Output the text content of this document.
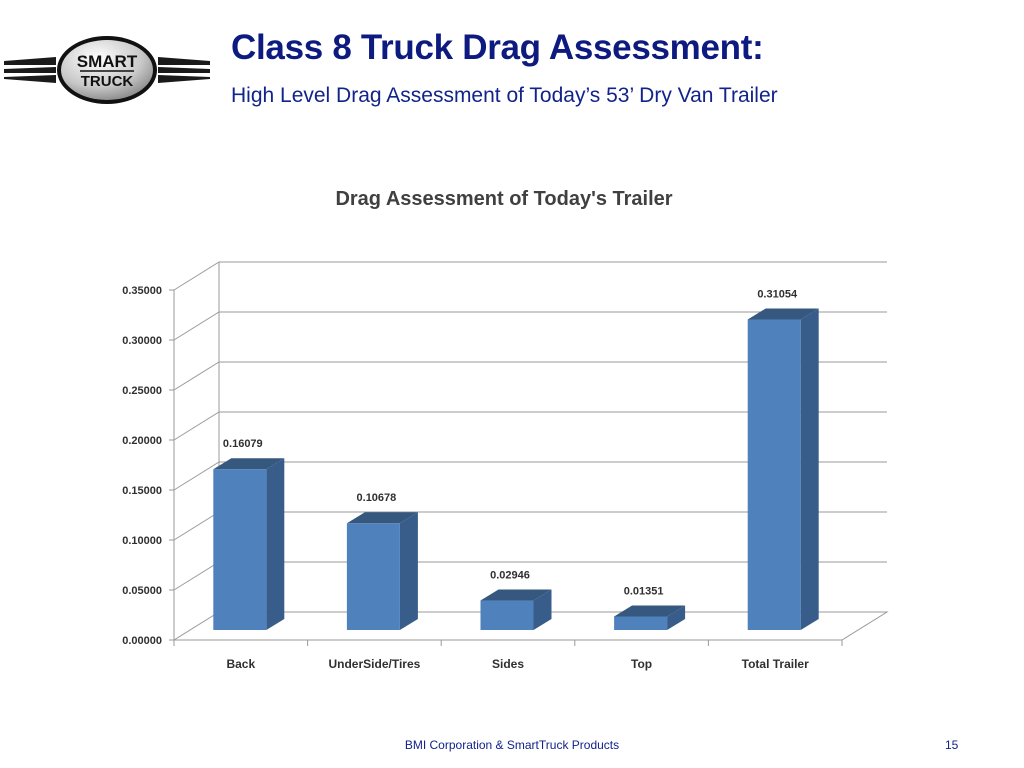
SMART
TRUCK
Class 8 Truck Drag Assessment:

High Level Drag Assessment of Today’s 53’ Dry Van Trailer

Drag Assessment of Today's Trailer
0.00000
0.05000
0.10000
0.15000
0.20000
0.25000
0.30000
0.35000
0.16079
Back
0.10678
UnderSide/Tires
0.02946
Sides
0.01351
Top
0.31054
Total Trailer
BMI Corporation & SmartTruck Products	15
